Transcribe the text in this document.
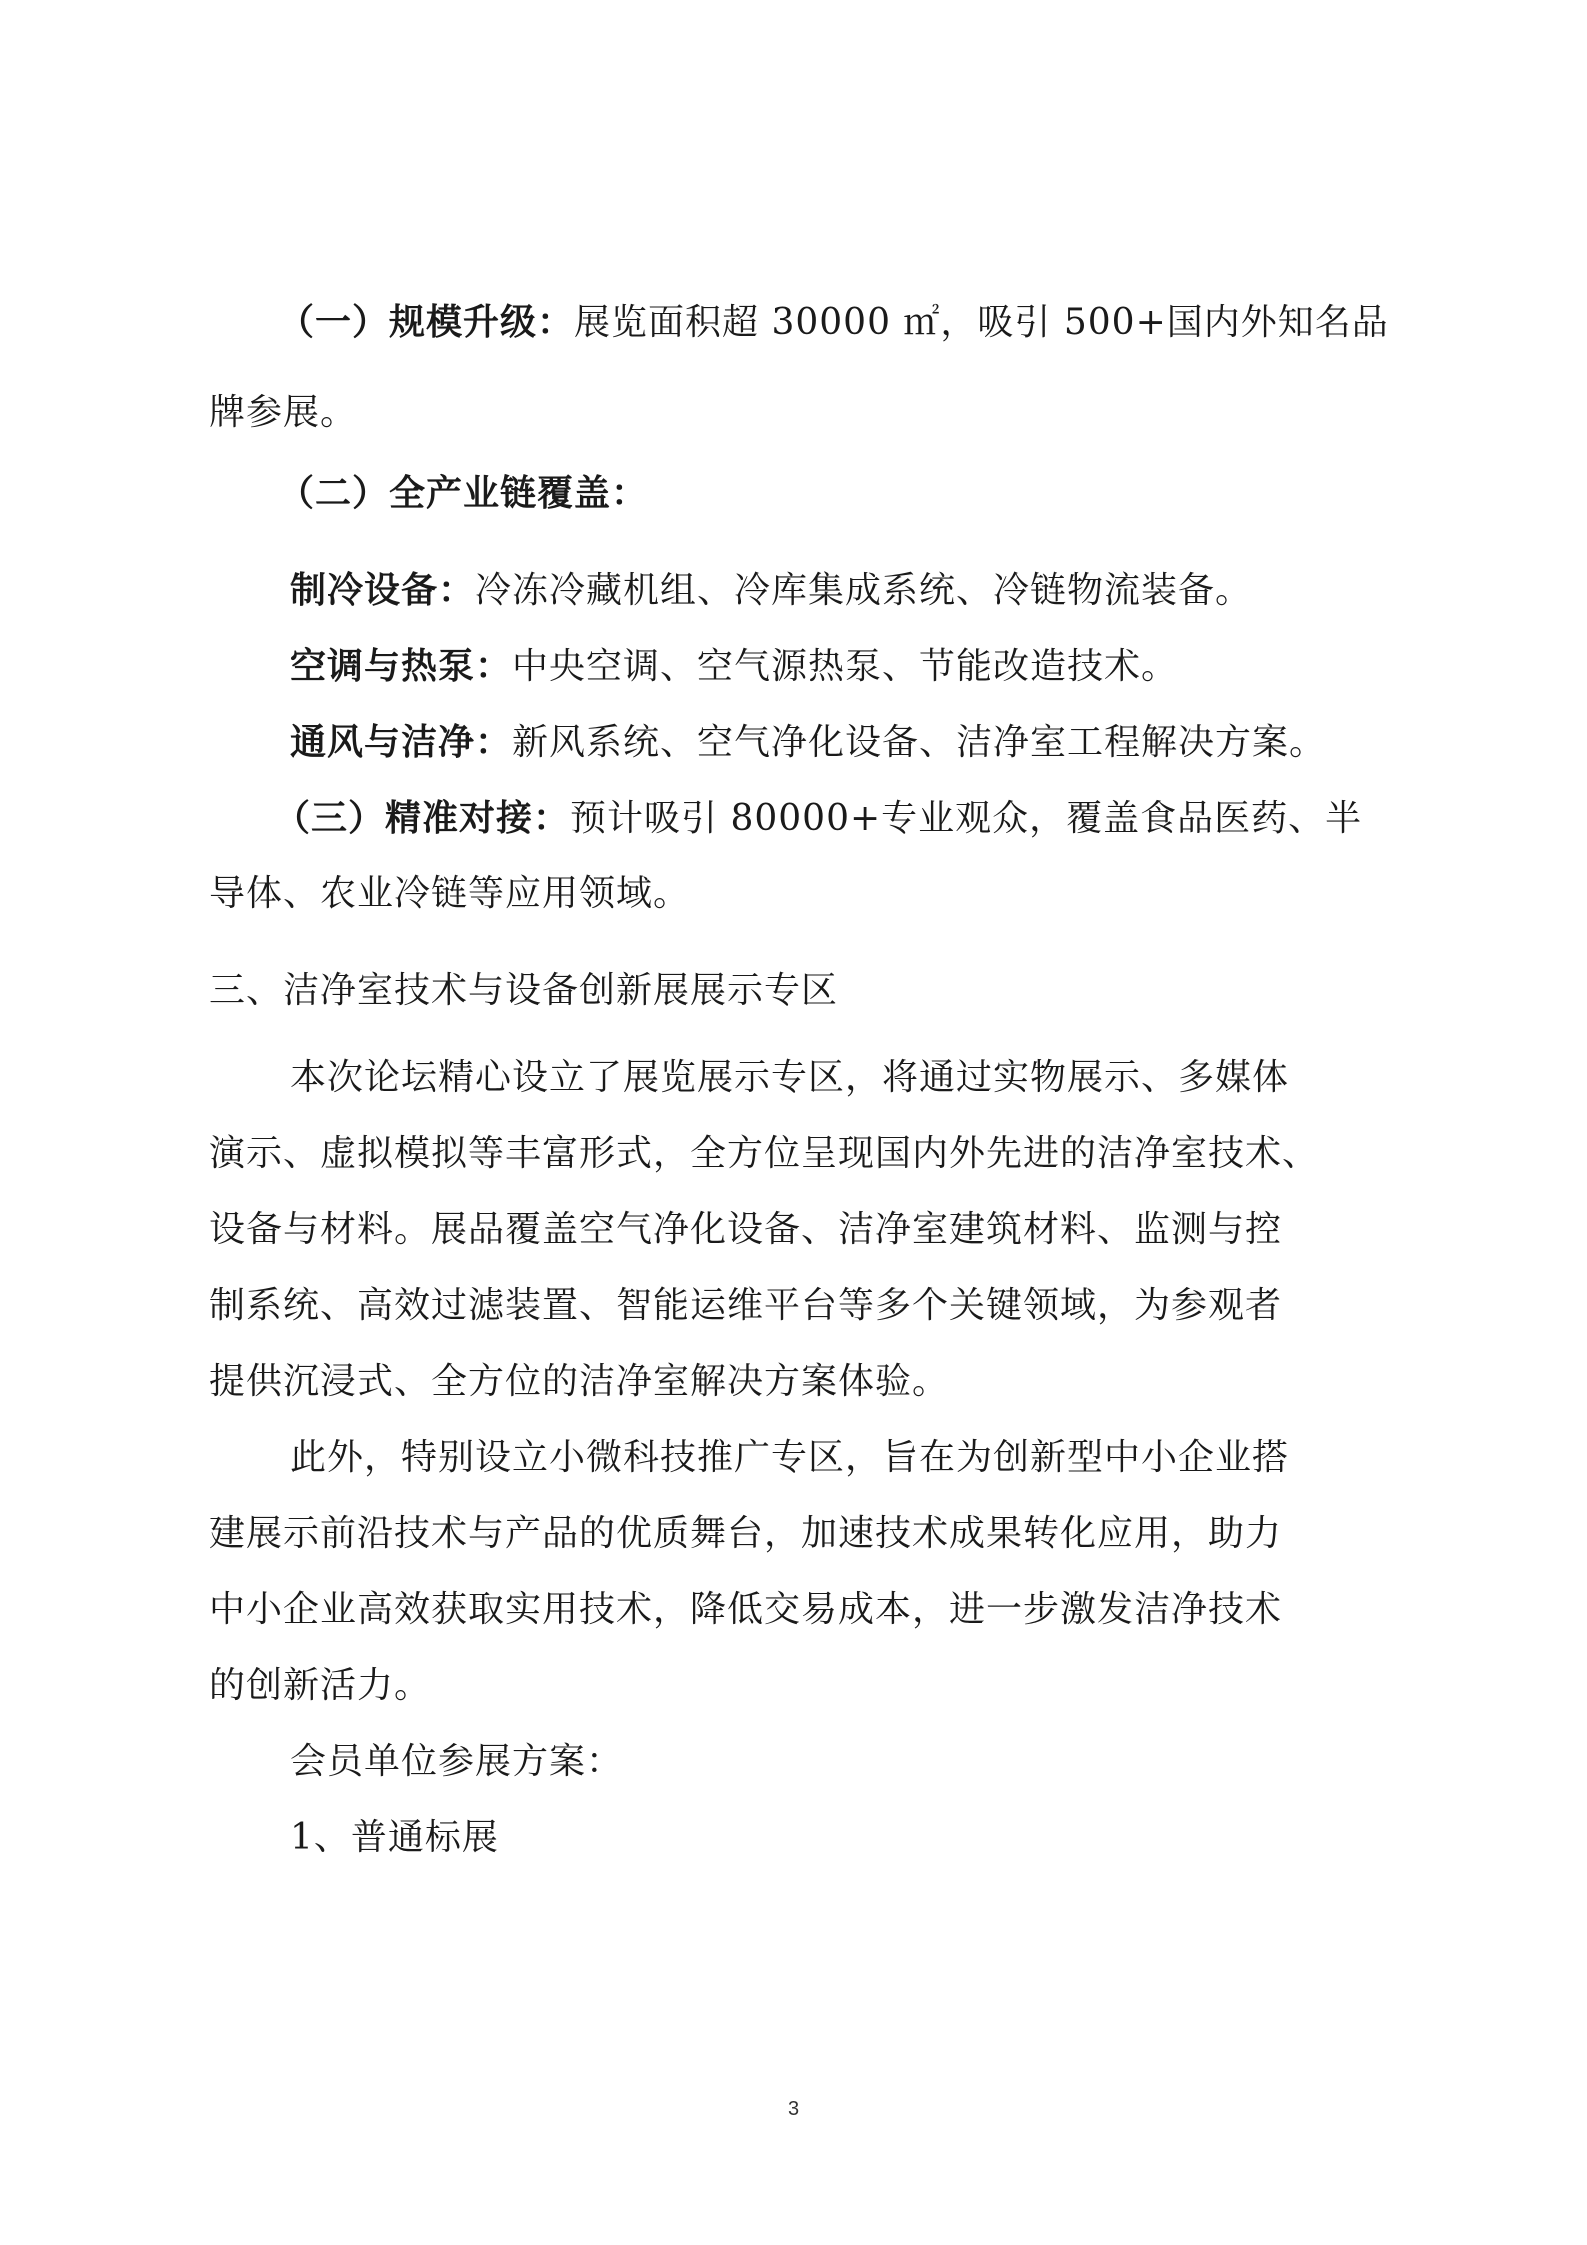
（一）规模升级：展览面积超 30000 ㎡，吸引 500+国内外知名品
牌参展。
（二）全产业链覆盖：
制冷设备：冷冻冷藏机组、冷库集成系统、冷链物流装备。
空调与热泵：中央空调、空气源热泵、节能改造技术。
通风与洁净：新风系统、空气净化设备、洁净室工程解决方案。
（三）精准对接：预计吸引 80000+专业观众，覆盖食品医药、半
导体、农业冷链等应用领域。
三、洁净室技术与设备创新展展示专区
本次论坛精心设立了展览展示专区，将通过实物展示、多媒体
演示、虚拟模拟等丰富形式，全方位呈现国内外先进的洁净室技术、
设备与材料。展品覆盖空气净化设备、洁净室建筑材料、监测与控
制系统、高效过滤装置、智能运维平台等多个关键领域，为参观者
提供沉浸式、全方位的洁净室解决方案体验。
此外，特别设立小微科技推广专区，旨在为创新型中小企业搭
建展示前沿技术与产品的优质舞台，加速技术成果转化应用，助力
中小企业高效获取实用技术，降低交易成本，进一步激发洁净技术
的创新活力。
会员单位参展方案：
1、普通标展
3
